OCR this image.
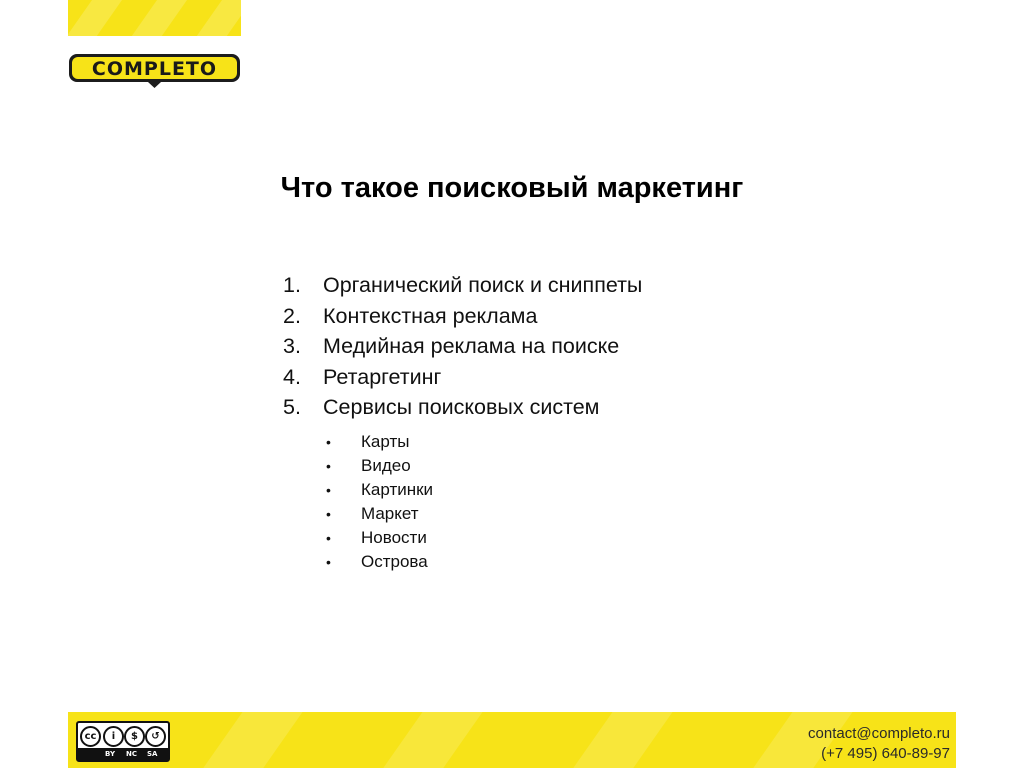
COMPLETO
Что такое поисковый маркетинг
1. Органический поиск и сниппеты
2. Контекстная реклама
3. Медийная реклама на поиске
4. Ретаргетинг
5. Сервисы поисковых систем
• Карты
• Видео
• Картинки
• Маркет
• Новости
• Острова
cc	i	$	↺
BY NC SA
contact@completo.ru
(+7 495) 640-89-97
